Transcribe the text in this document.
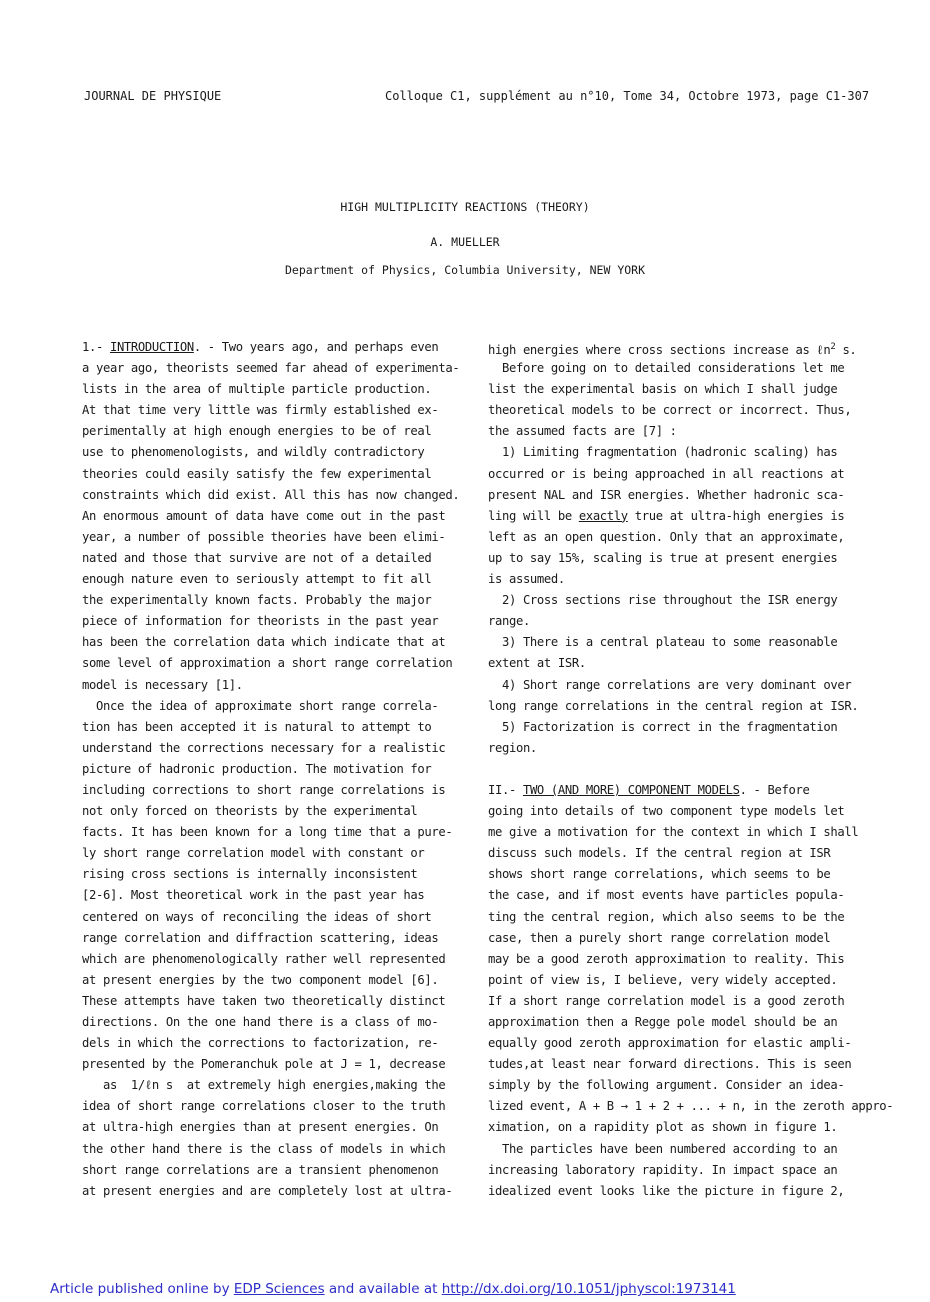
JOURNAL DE PHYSIQUE	Colloque C1, supplément au n°10, Tome 34, Octobre 1973, page C1-307
HIGH MULTIPLICITY REACTIONS (THEORY)
A. MUELLER
Department of Physics, Columbia University, NEW YORK
1.- INTRODUCTION. - Two years ago, and perhaps even
a year ago, theorists seemed far ahead of experimenta-
lists in the area of multiple particle production.
At that time very little was firmly established ex-
perimentally at high enough energies to be of real
use to phenomenologists, and wildly contradictory
theories could easily satisfy the few experimental
constraints which did exist. All this has now changed.
An enormous amount of data have come out in the past
year, a number of possible theories have been elimi-
nated and those that survive are not of a detailed
enough nature even to seriously attempt to fit all
the experimentally known facts. Probably the major
piece of information for theorists in the past year
has been the correlation data which indicate that at
some level of approximation a short range correlation
model is necessary [1].
Once the idea of approximate short range correla-
tion has been accepted it is natural to attempt to
understand the corrections necessary for a realistic
picture of hadronic production. The motivation for
including corrections to short range correlations is
not only forced on theorists by the experimental
facts. It has been known for a long time that a pure-
ly short range correlation model with constant or
rising cross sections is internally inconsistent
[2-6]. Most theoretical work in the past year has
centered on ways of reconciling the ideas of short
range correlation and diffraction scattering, ideas
which are phenomenologically rather well represented
at present energies by the two component model [6].
These attempts have taken two theoretically distinct
directions. On the one hand there is a class of mo-
dels in which the corrections to factorization, re-
presented by the Pomeranchuk pole at J = 1, decrease
as  1/ℓn s  at extremely high energies,making the
idea of short range correlations closer to the truth
at ultra-high energies than at present energies. On
the other hand there is the class of models in which
short range correlations are a transient phenomenon
at present energies and are completely lost at ultra-
high energies where cross sections increase as ℓn$^2$ s.
Before going on to detailed considerations let me
list the experimental basis on which I shall judge
theoretical models to be correct or incorrect. Thus,
the assumed facts are [7] :
1) Limiting fragmentation (hadronic scaling) has
occurred or is being approached in all reactions at
present NAL and ISR energies. Whether hadronic sca-
ling will be exactly true at ultra-high energies is
left as an open question. Only that an approximate,
up to say 15%, scaling is true at present energies
is assumed.
2) Cross sections rise throughout the ISR energy
range.
3) There is a central plateau to some reasonable
extent at ISR.
4) Short range correlations are very dominant over
long range correlations in the central region at ISR.
5) Factorization is correct in the fragmentation
region.
II.- TWO (AND MORE) COMPONENT MODELS. - Before
going into details of two component type models let
me give a motivation for the context in which I shall
discuss such models. If the central region at ISR
shows short range correlations, which seems to be
the case, and if most events have particles popula-
ting the central region, which also seems to be the
case, then a purely short range correlation model
may be a good zeroth approximation to reality. This
point of view is, I believe, very widely accepted.
If a short range correlation model is a good zeroth
approximation then a Regge pole model should be an
equally good zeroth approximation for elastic ampli-
tudes,at least near forward directions. This is seen
simply by the following argument. Consider an idea-
lized event, A + B → 1 + 2 + ... + n, in the zeroth appro-
ximation, on a rapidity plot as shown in figure 1.
The particles have been numbered according to an
increasing laboratory rapidity. In impact space an
idealized event looks like the picture in figure 2,
Article published online by EDP Sciences and available at http://dx.doi.org/10.1051/jphyscol:1973141
